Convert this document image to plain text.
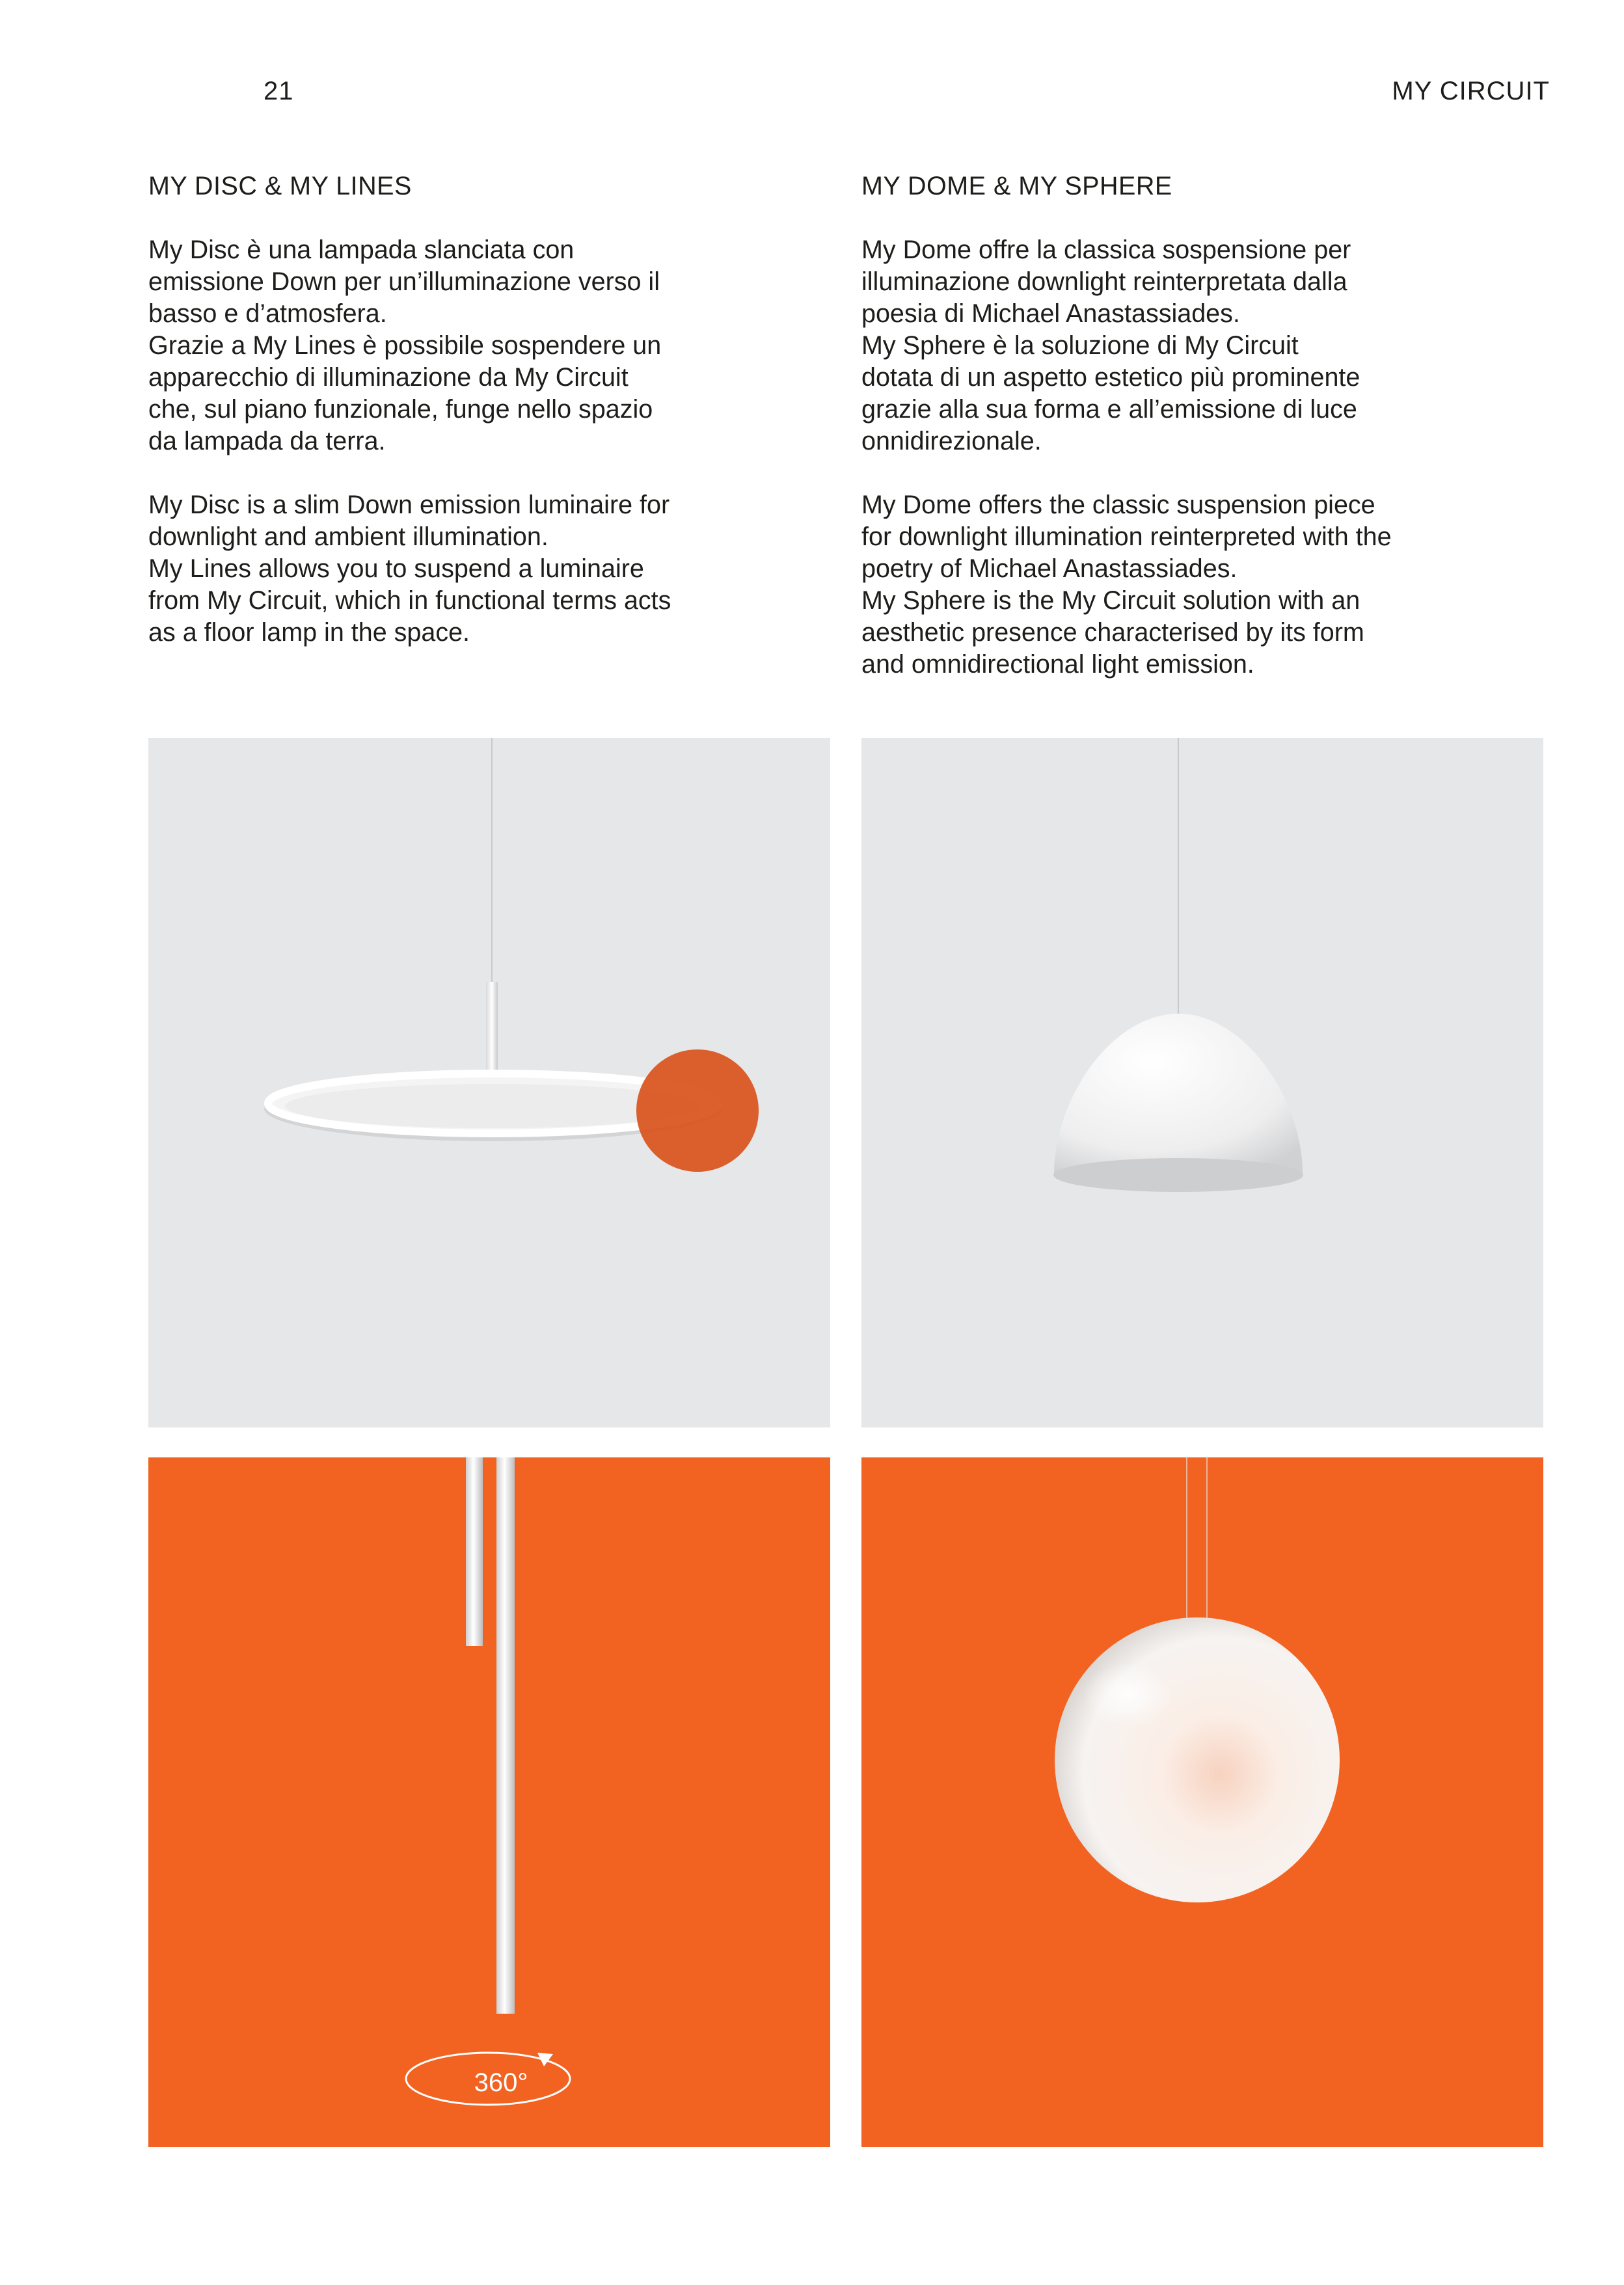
21	MY CIRCUIT
MY DISC & MY LINES

My Disc è una lampada slanciata con
emissione Down per un’illuminazione verso il
basso e d’atmosfera.
Grazie a My Lines è possibile sospendere un
apparecchio di illuminazione da My Circuit
che, sul piano funzionale, funge nello spazio
da lampada da terra.

My Disc is a slim Down emission luminaire for
downlight and ambient illumination.
My Lines allows you to suspend a luminaire
from My Circuit, which in functional terms acts
as a floor lamp in the space.

MY DOME & MY SPHERE

My Dome offre la classica sospensione per
illuminazione downlight reinterpretata dalla
poesia di Michael Anastassiades.
My Sphere è la soluzione di My Circuit
dotata di un aspetto estetico più prominente
grazie alla sua forma e all’emissione di luce
onnidirezionale.

My Dome offers the classic suspension piece
for downlight illumination reinterpreted with the
poetry of Michael Anastassiades.
My Sphere is the My Circuit solution with an
aesthetic presence characterised by its form
and omnidirectional light emission.

360°
